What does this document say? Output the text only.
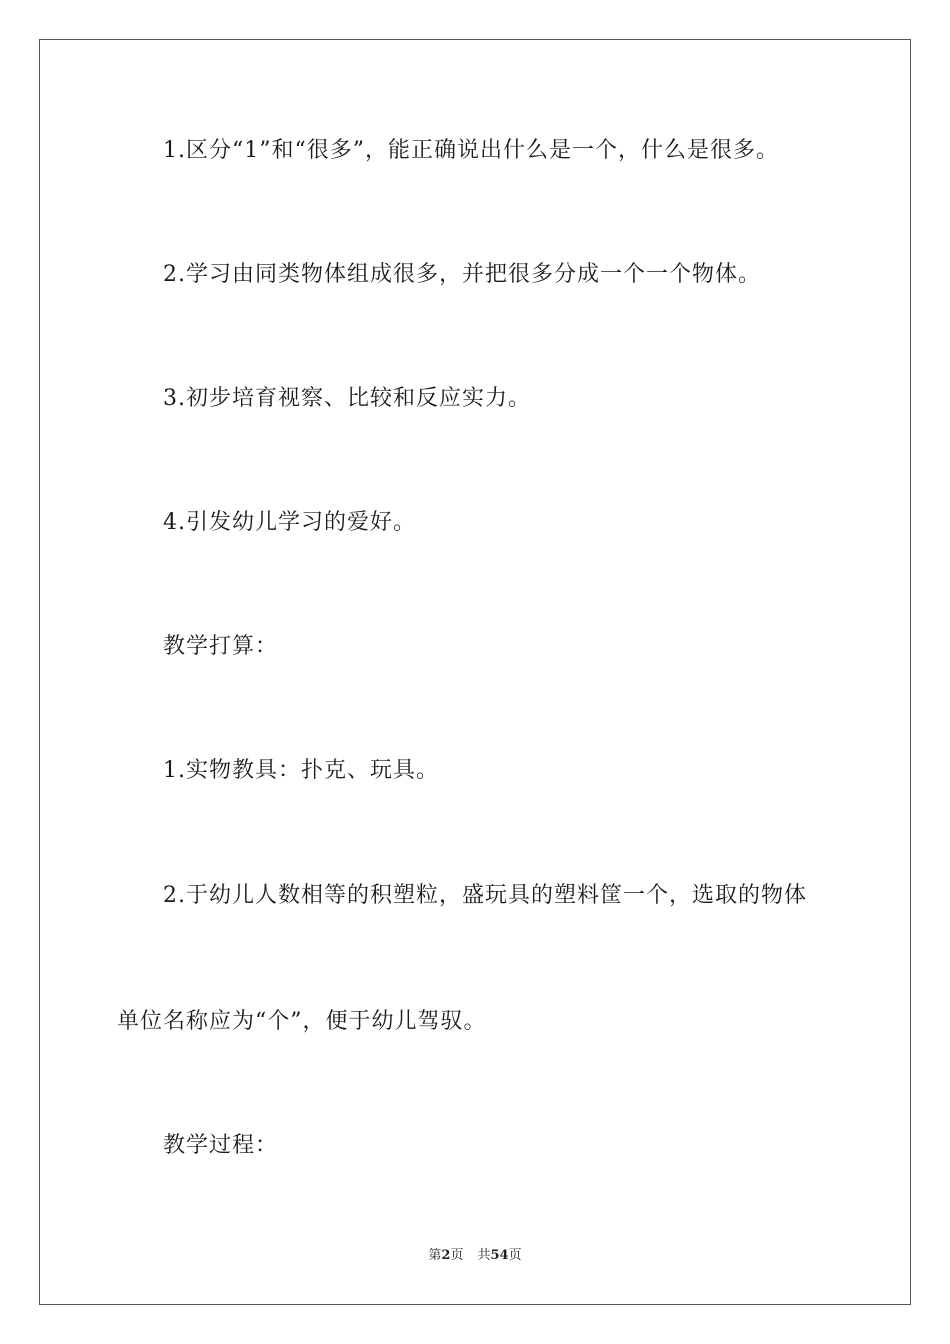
1.区分“1”和“很多”，能正确说出什么是一个，什么是很多。
2.学习由同类物体组成很多，并把很多分成一个一个物体。
3.初步培育视察、比较和反应实力。
4.引发幼儿学习的爱好。
教学打算：
1.实物教具：扑克、玩具。
2.于幼儿人数相等的积塑粒，盛玩具的塑料筐一个，选取的物体
单位名称应为“个”，便于幼儿驾驭。
教学过程：
第2页 共54页
